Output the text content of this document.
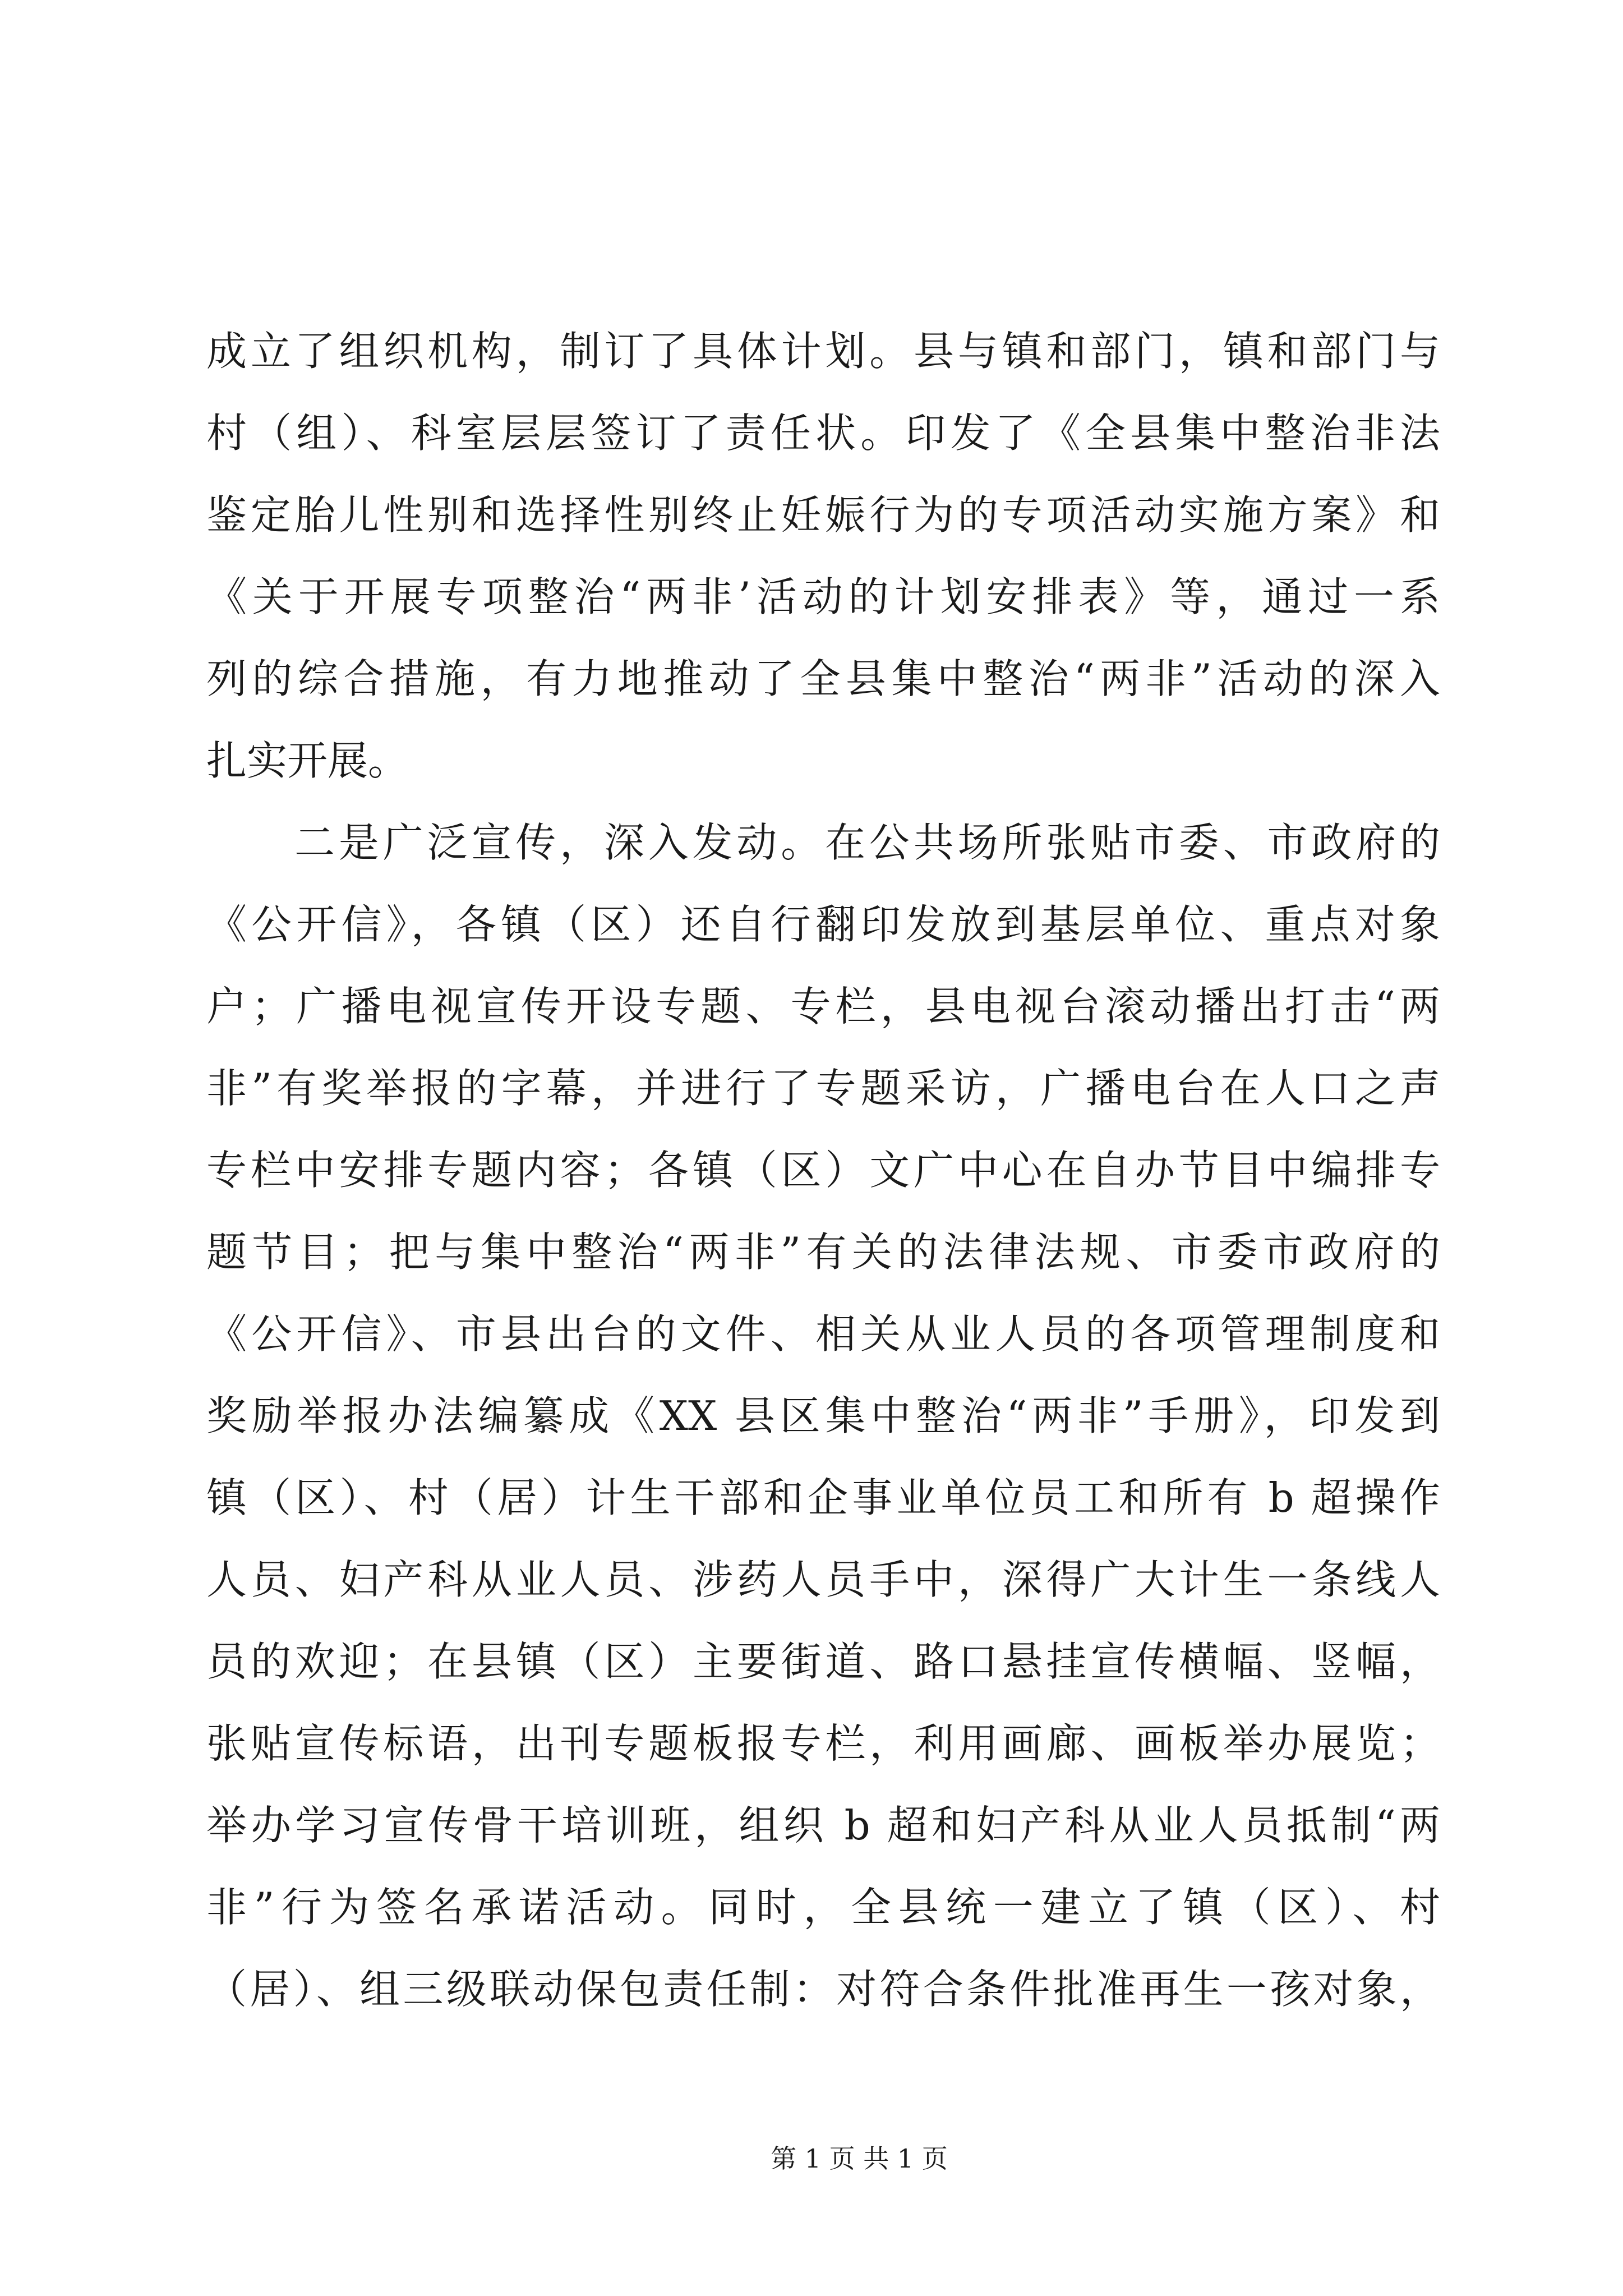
成立了组织机构，制订了具体计划。县与镇和部门，镇和部门与
村（组）、科室层层签订了责任状。印发了《全县集中整治非法
鉴定胎儿性别和选择性别终止妊娠行为的专项活动实施方案》和
《关于开展专项整治“两非’活动的计划安排表》等，通过一系
列的综合措施，有力地推动了全县集中整治“两非”活动的深入
扎实开展。
二是广泛宣传，深入发动。在公共场所张贴市委、市政府的
《公开信》，各镇（区）还自行翻印发放到基层单位、重点对象
户；广播电视宣传开设专题、专栏，县电视台滚动播出打击“两
非”有奖举报的字幕，并进行了专题采访，广播电台在人口之声
专栏中安排专题内容；各镇（区）文广中心在自办节目中编排专
题节目；把与集中整治“两非”有关的法律法规、市委市政府的
《公开信》、市县出台的文件、相关从业人员的各项管理制度和
奖励举报办法编纂成《XX 县区集中整治“两非”手册》，印发到
镇（区）、村（居）计生干部和企事业单位员工和所有 b 超操作
人员、妇产科从业人员、涉药人员手中，深得广大计生一条线人
员的欢迎；在县镇（区）主要街道、路口悬挂宣传横幅、竖幅，
张贴宣传标语，出刊专题板报专栏，利用画廊、画板举办展览；
举办学习宣传骨干培训班，组织 b 超和妇产科从业人员抵制“两
非”行为签名承诺活动。同时，全县统一建立了镇（区）、村
（居）、组三级联动保包责任制：对符合条件批准再生一孩对象，
第 1 页 共 1 页
